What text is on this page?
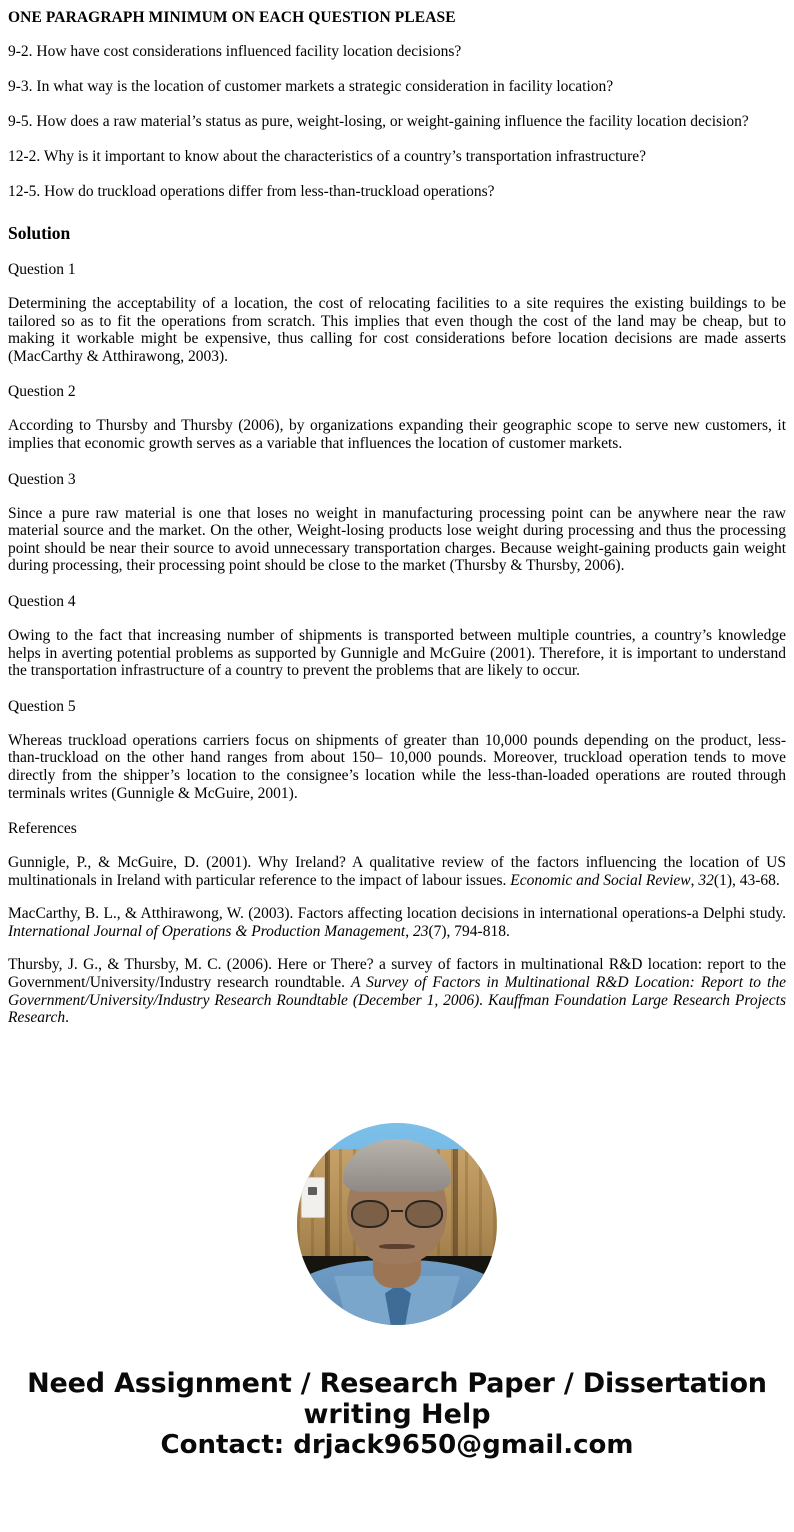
ONE PARAGRAPH MINIMUM ON EACH QUESTION PLEASE
9-2. How have cost considerations influenced facility location decisions?
9-3. In what way is the location of customer markets a strategic consideration in facility location?
9-5. How does a raw material’s status as pure, weight-losing, or weight-gaining influence the facility location decision?
12-2. Why is it important to know about the characteristics of a country’s transportation infrastructure?
12-5. How do truckload operations differ from less-than-truckload operations?
Solution
Question 1
Determining the acceptability of a location, the cost of relocating facilities to a site requires the existing buildings to be tailored so as to fit the operations from scratch. This implies that even though the cost of the land may be cheap, but to making it workable might be expensive, thus calling for cost considerations before location decisions are made asserts (MacCarthy & Atthirawong, 2003).
Question 2
According to Thursby and Thursby (2006), by organizations expanding their geographic scope to serve new customers, it implies that economic growth serves as a variable that influences the location of customer markets.
Question 3
Since a pure raw material is one that loses no weight in manufacturing processing point can be anywhere near the raw material source and the market. On the other, Weight-losing products lose weight during processing and thus the processing point should be near their source to avoid unnecessary transportation charges. Because weight-gaining products gain weight during processing, their processing point should be close to the market (Thursby & Thursby, 2006).
Question 4
Owing to the fact that increasing number of shipments is transported between multiple countries, a country’s knowledge helps in averting potential problems as supported by Gunnigle and McGuire (2001). Therefore, it is important to understand the transportation infrastructure of a country to prevent the problems that are likely to occur.
Question 5
Whereas truckload operations carriers focus on shipments of greater than 10,000 pounds depending on the product, less-than-truckload on the other hand ranges from about 150– 10,000 pounds. Moreover, truckload operation tends to move directly from the shipper’s location to the consignee’s location while the less-than-loaded operations are routed through terminals writes (Gunnigle & McGuire, 2001).
References
Gunnigle, P., & McGuire, D. (2001). Why Ireland? A qualitative review of the factors influencing the location of US multinationals in Ireland with particular reference to the impact of labour issues. Economic and Social Review, 32(1), 43-68.
MacCarthy, B. L., & Atthirawong, W. (2003). Factors affecting location decisions in international operations-a Delphi study. International Journal of Operations & Production Management, 23(7), 794-818.
Thursby, J. G., & Thursby, M. C. (2006). Here or There? a survey of factors in multinational R&D location: report to the Government/University/Industry research roundtable. A Survey of Factors in Multinational R&D Location: Report to the Government/University/Industry Research Roundtable (December 1, 2006). Kauffman Foundation Large Research Projects Research.
Need Assignment / Research Paper / Dissertation
writing Help
Contact: drjack9650@gmail.com
